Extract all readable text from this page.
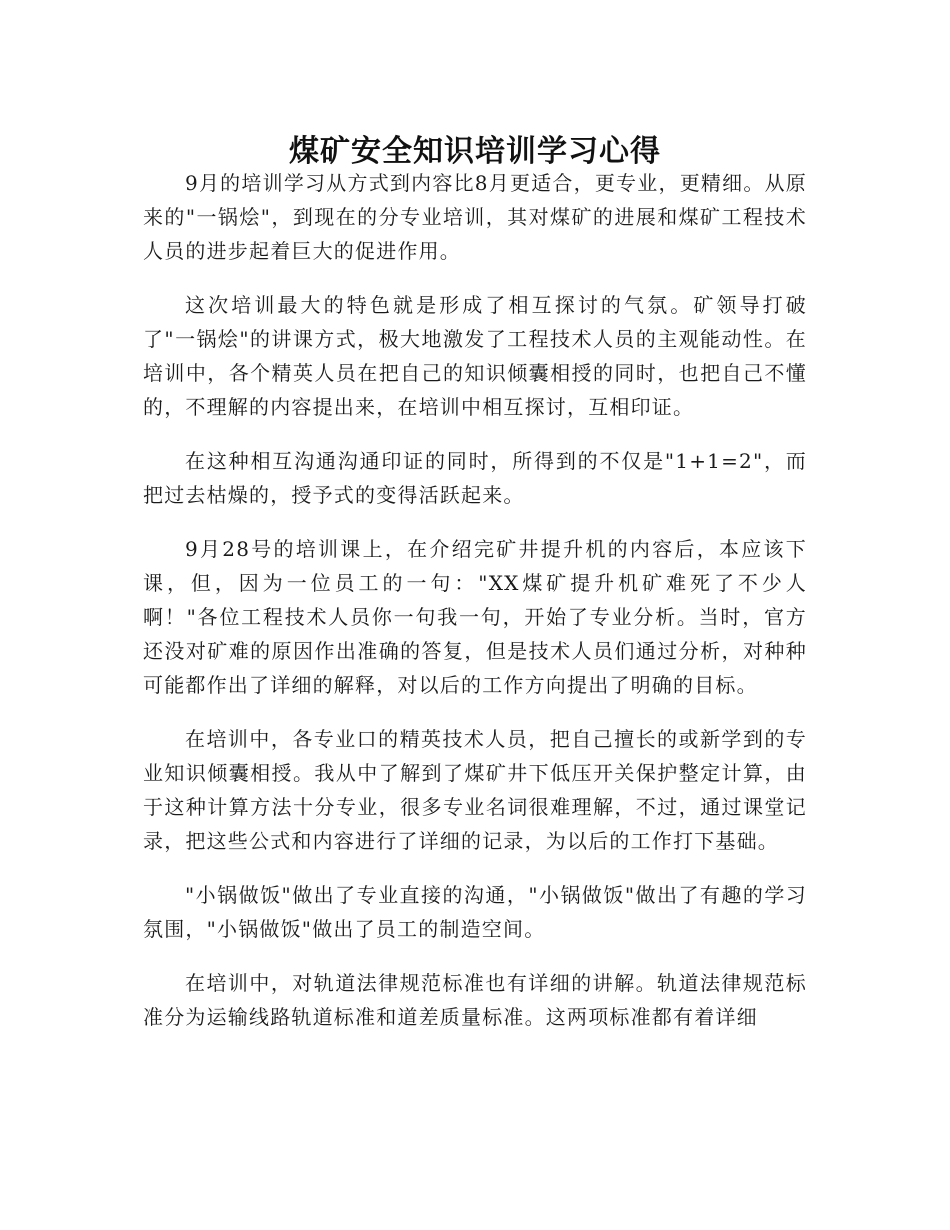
煤矿安全知识培训学习心得

9月的培训学习从方式到内容比8月更适合，更专业，更精细。从原来的"一锅烩"，到现在的分专业培训，其对煤矿的进展和煤矿工程技术人员的进步起着巨大的促进作用。

这次培训最大的特色就是形成了相互探讨的气氛。矿领导打破了"一锅烩"的讲课方式，极大地激发了工程技术人员的主观能动性。在培训中，各个精英人员在把自己的知识倾囊相授的同时，也把自己不懂的，不理解的内容提出来，在培训中相互探讨，互相印证。

在这种相互沟通沟通印证的同时，所得到的不仅是"1+1=2"，而把过去枯燥的，授予式的变得活跃起来。

9月28号的培训课上，在介绍完矿井提升机的内容后，本应该下课，但，因为一位员工的一句："XX煤矿提升机矿难死了不少人啊！"各位工程技术人员你一句我一句，开始了专业分析。当时，官方还没对矿难的原因作出准确的答复，但是技术人员们通过分析，对种种可能都作出了详细的解释，对以后的工作方向提出了明确的目标。

在培训中，各专业口的精英技术人员，把自己擅长的或新学到的专业知识倾囊相授。我从中了解到了煤矿井下低压开关保护整定计算，由于这种计算方法十分专业，很多专业名词很难理解，不过，通过课堂记录，把这些公式和内容进行了详细的记录，为以后的工作打下基础。

"小锅做饭"做出了专业直接的沟通，"小锅做饭"做出了有趣的学习氛围，"小锅做饭"做出了员工的制造空间。

在培训中，对轨道法律规范标准也有详细的讲解。轨道法律规范标准分为运输线路轨道标准和道差质量标准。这两项标准都有着详细
